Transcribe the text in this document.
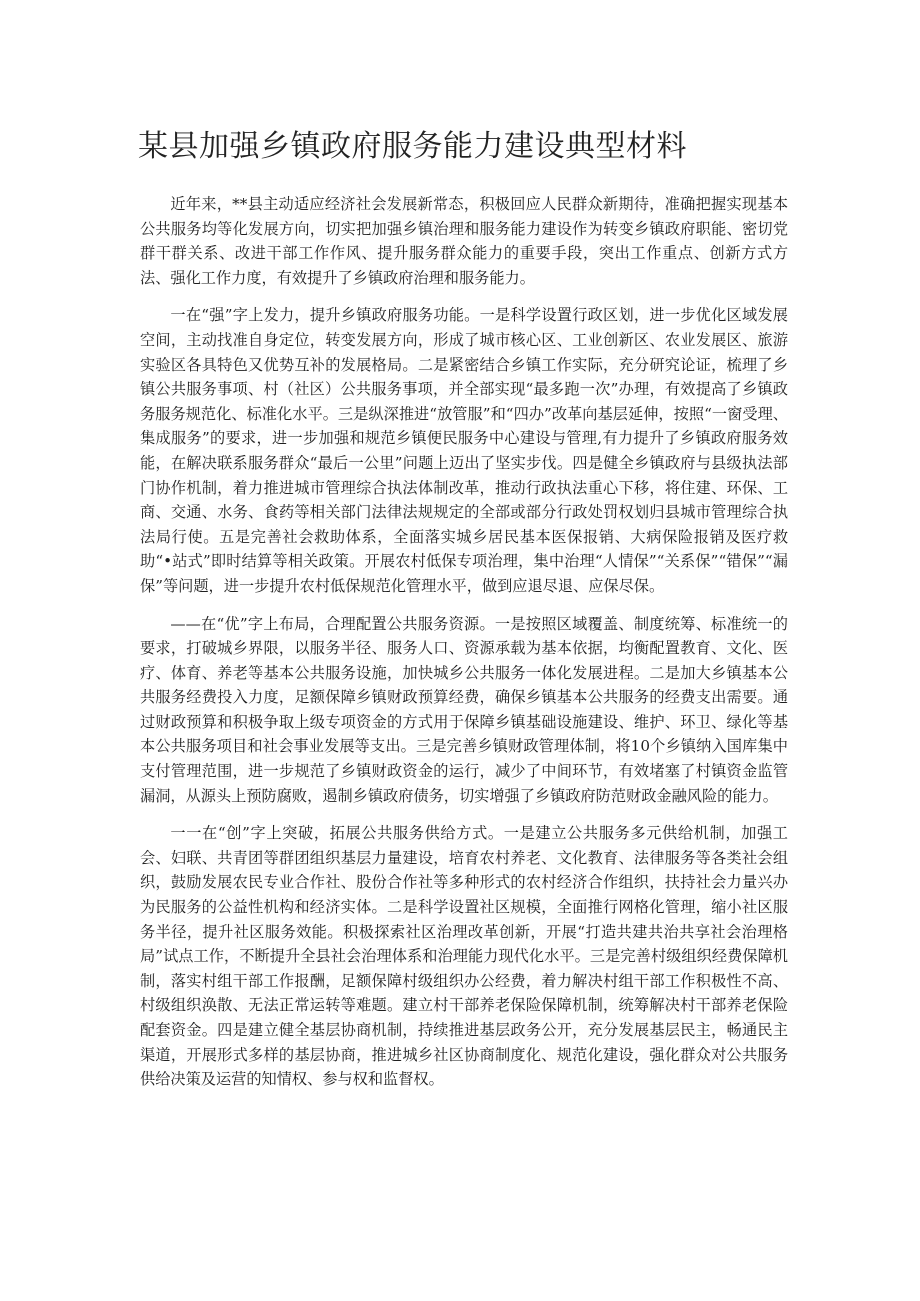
某县加强乡镇政府服务能力建设典型材料

近年来，**县主动适应经济社会发展新常态，积极回应人民群众新期待，准确把握实现基本公共服务均等化发展方向，切实把加强乡镇治理和服务能力建设作为转变乡镇政府职能、密切党群干群关系、改进干部工作作风、提升服务群众能力的重要手段，突出工作重点、创新方式方法、强化工作力度，有效提升了乡镇政府治理和服务能力。

一在“强”字上发力，提升乡镇政府服务功能。一是科学设置行政区划，进一步优化区域发展空间，主动找准自身定位，转变发展方向，形成了城市核心区、工业创新区、农业发展区、旅游实验区各具特色又优势互补的发展格局。二是紧密结合乡镇工作实际，充分研究论证，梳理了乡镇公共服务事项、村（社区）公共服务事项，并全部实现“最多跑一次”办理，有效提高了乡镇政务服务规范化、标准化水平。三是纵深推进“放管服”和“四办”改革向基层延伸，按照“一窗受理、集成服务”的要求，进一步加强和规范乡镇便民服务中心建设与管理,有力提升了乡镇政府服务效能，在解决联系服务群众“最后一公里”问题上迈出了坚实步伐。四是健全乡镇政府与县级执法部门协作机制，着力推进城市管理综合执法体制改革，推动行政执法重心下移，将住建、环保、工商、交通、水务、食药等相关部门法律法规规定的全部或部分行政处罚权划归县城市管理综合执法局行使。五是完善社会救助体系，全面落实城乡居民基本医保报销、大病保险报销及医疗救助“•站式”即时结算等相关政策。开展农村低保专项治理，集中治理“人情保”“关系保”“错保”“漏保”等问题，进一步提升农村低保规范化管理水平，做到应退尽退、应保尽保。

——在“优”字上布局，合理配置公共服务资源。一是按照区域覆盖、制度统筹、标准统一的要求，打破城乡界限，以服务半径、服务人口、资源承载为基本依据，均衡配置教育、文化、医疗、体育、养老等基本公共服务设施，加快城乡公共服务一体化发展进程。二是加大乡镇基本公共服务经费投入力度，足额保障乡镇财政预算经费，确保乡镇基本公共服务的经费支出需要。通过财政预算和积极争取上级专项资金的方式用于保障乡镇基础设施建设、维护、环卫、绿化等基本公共服务项目和社会事业发展等支出。三是完善乡镇财政管理体制，将10个乡镇纳入国库集中支付管理范围，进一步规范了乡镇财政资金的运行，减少了中间环节，有效堵塞了村镇资金监管漏洞，从源头上预防腐败，遏制乡镇政府债务，切实增强了乡镇政府防范财政金融风险的能力。

一一在“创”字上突破，拓展公共服务供给方式。一是建立公共服务多元供给机制，加强工会、妇联、共青团等群团组织基层力量建设，培育农村养老、文化教育、法律服务等各类社会组织，鼓励发展农民专业合作社、股份合作社等多种形式的农村经济合作组织，扶持社会力量兴办为民服务的公益性机构和经济实体。二是科学设置社区规模，全面推行网格化管理，缩小社区服务半径，提升社区服务效能。积极探索社区治理改革创新，开展“打造共建共治共享社会治理格局”试点工作，不断提升全县社会治理体系和治理能力现代化水平。三是完善村级组织经费保障机制，落实村组干部工作报酬，足额保障村级组织办公经费，着力解决村组干部工作积极性不高、村级组织涣散、无法正常运转等难题。建立村干部养老保险保障机制，统筹解决村干部养老保险配套资金。四是建立健全基层协商机制，持续推进基层政务公开，充分发展基层民主，畅通民主渠道，开展形式多样的基层协商，推进城乡社区协商制度化、规范化建设，强化群众对公共服务供给决策及运营的知情权、参与权和监督权。
